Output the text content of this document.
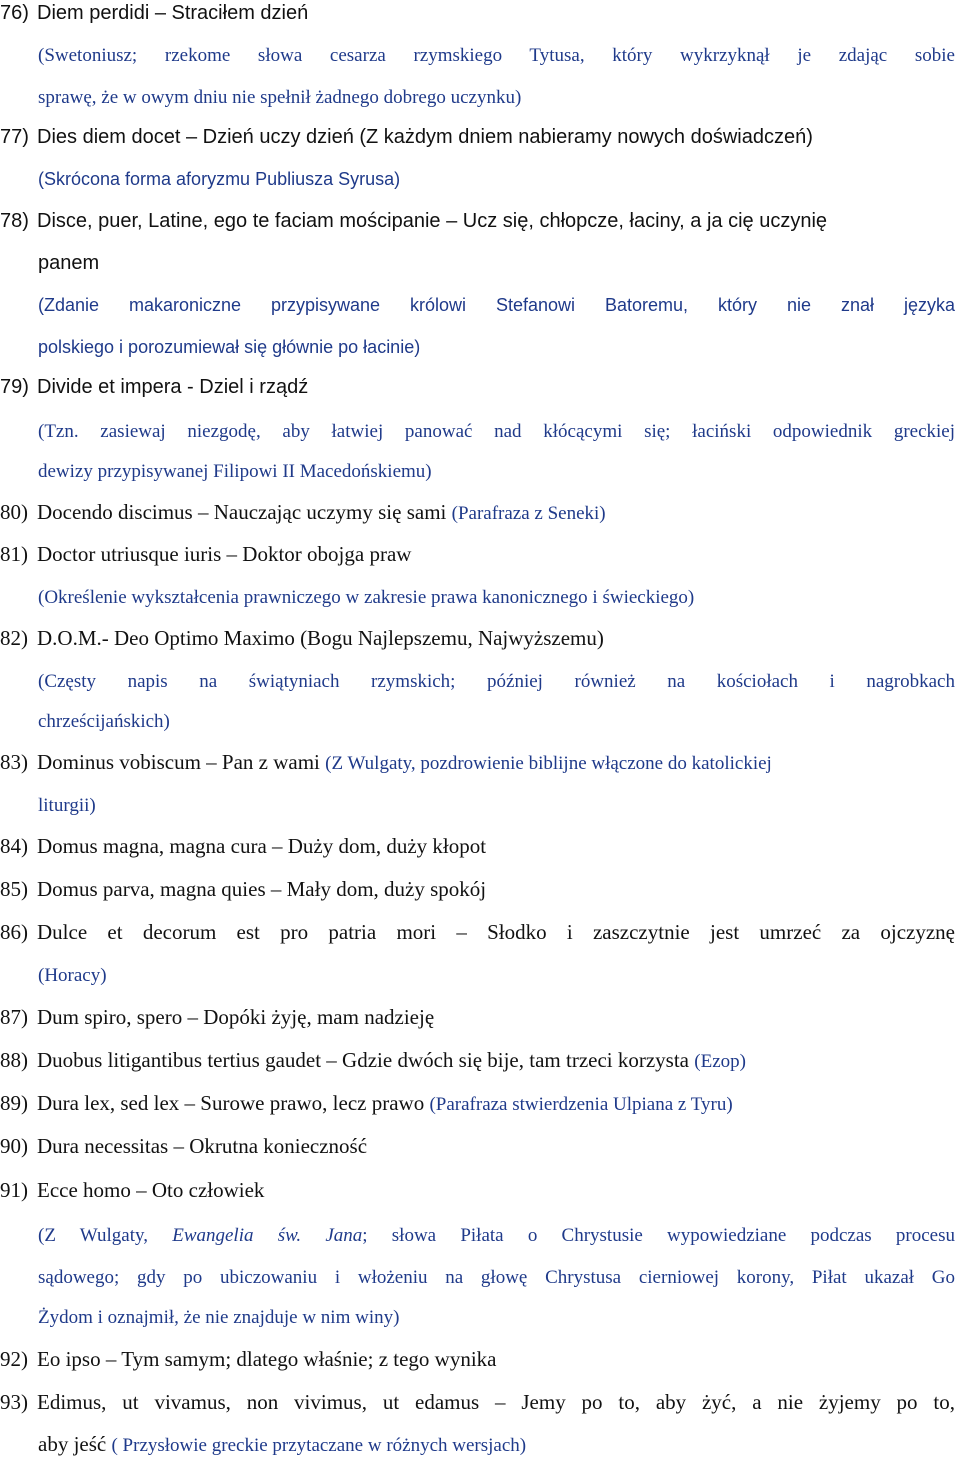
76) Diem perdidi – Straciłem dzień
(Swetoniusz; rzekome słowa cesarza rzymskiego Tytusa, który wykrzyknął je zdając sobie
sprawę, że w owym dniu nie spełnił żadnego dobrego uczynku)
77) Dies diem docet – Dzień uczy dzień (Z każdym dniem nabieramy nowych doświadczeń)
(Skrócona forma aforyzmu Publiusza Syrusa)
78) Disce, puer, Latine, ego te faciam mościpanie – Ucz się, chłopcze, łaciny, a ja cię uczynię
panem
(Zdanie makaroniczne przypisywane królowi Stefanowi Batoremu, który nie znał języka
polskiego i porozumiewał się głównie po łacinie)
79) Divide et impera - Dziel i rządź
(Tzn. zasiewaj niezgodę, aby łatwiej panować nad kłócącymi się; łaciński odpowiednik greckiej
dewizy przypisywanej Filipowi II Macedońskiemu)
80) Docendo discimus – Nauczając uczymy się sami (Parafraza z Seneki)
81) Doctor utriusque iuris – Doktor obojga praw
(Określenie wykształcenia prawniczego w zakresie prawa kanonicznego i świeckiego)
82) D.O.M.- Deo Optimo Maximo (Bogu Najlepszemu, Najwyższemu)
(Częsty napis na świątyniach rzymskich; później również na kościołach i nagrobkach
chrześcijańskich)
83) Dominus vobiscum – Pan z wami (Z Wulgaty, pozdrowienie biblijne włączone do katolickiej
liturgii)
84) Domus magna, magna cura – Duży dom, duży kłopot
85) Domus parva, magna quies – Mały dom, duży spokój
86) Dulce et decorum est pro patria mori – Słodko i zaszczytnie jest umrzeć za ojczyznę
(Horacy)
87) Dum spiro, spero – Dopóki żyję, mam nadzieję
88) Duobus litigantibus tertius gaudet – Gdzie dwóch się bije, tam trzeci korzysta (Ezop)
89) Dura lex, sed lex – Surowe prawo, lecz prawo (Parafraza stwierdzenia Ulpiana z Tyru)
90) Dura necessitas – Okrutna konieczność
91) Ecce homo – Oto człowiek
(Z Wulgaty, Ewangelia św. Jana; słowa Piłata o Chrystusie wypowiedziane podczas procesu
sądowego; gdy po ubiczowaniu i włożeniu na głowę Chrystusa cierniowej korony, Piłat ukazał Go
Żydom i oznajmił, że nie znajduje w nim winy)
92) Eo ipso – Tym samym; dlatego właśnie; z tego wynika
93) Edimus, ut vivamus, non vivimus, ut edamus – Jemy po to, aby żyć, a nie żyjemy po to,
aby jeść ( Przysłowie greckie przytaczane w różnych wersjach)
